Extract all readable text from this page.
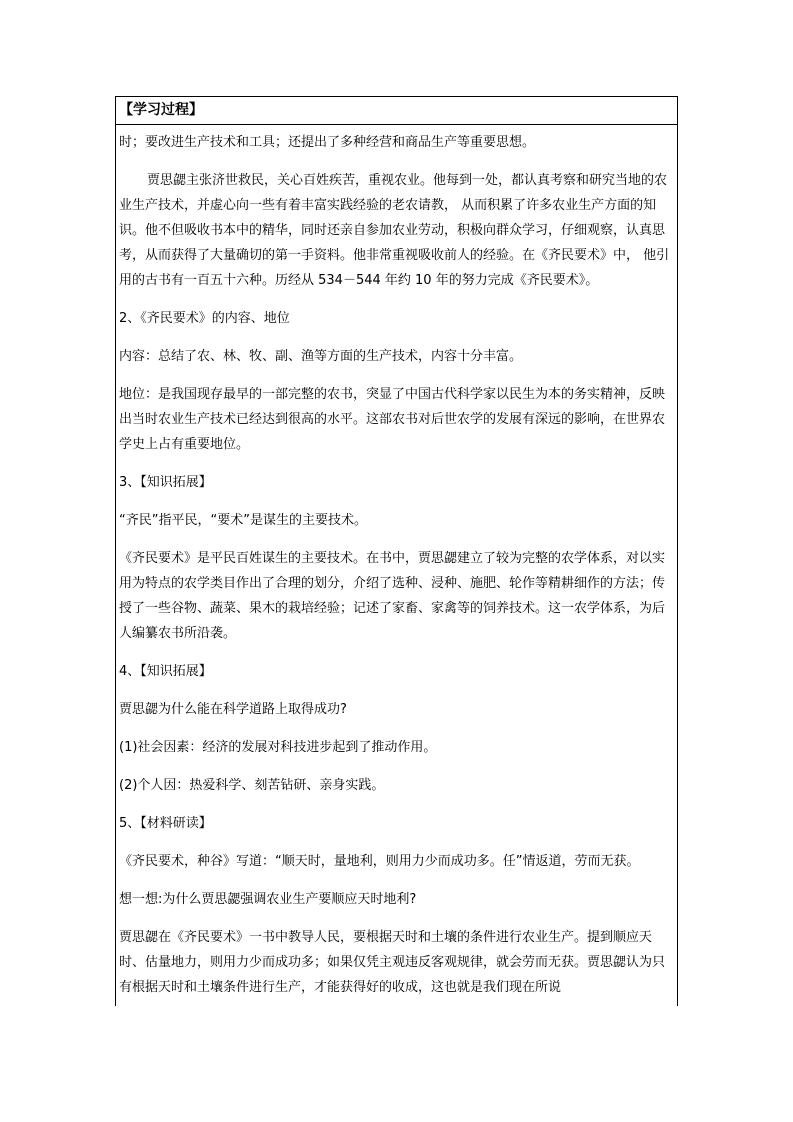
【学习过程】

时；要改进生产技术和工具；还提出了多种经营和商品生产等重要思想。

贾思勰主张济世救民，关心百姓疾苦，重视农业。他每到一处，都认真考察和研究当地的农业生产技术，并虚心向一些有着丰富实践经验的老农请教， 从而积累了许多农业生产方面的知识。他不但吸收书本中的精华，同时还亲自参加农业劳动，积极向群众学习，仔细观察，认真思考，从而获得了大量确切的第一手资料。他非常重视吸收前人的经验。在《齐民要术》中， 他引用的古书有一百五十六种。历经从 534－544 年约 10 年的努力完成《齐民要术》。

2、《齐民要术》的内容、地位

内容：总结了农、林、牧、副、渔等方面的生产技术，内容十分丰富。

地位：是我国现存最早的一部完整的农书，突显了中国古代科学家以民生为本的务实精神，反映出当时农业生产技术已经达到很高的水平。这部农书对后世农学的发展有深远的影响，在世界农学史上占有重要地位。

3、【知识拓展】

“齐民”指平民，“要术”是谋生的主要技术。

《齐民要术》是平民百姓谋生的主要技术。在书中，贾思勰建立了较为完整的农学体系，对以实用为特点的农学类目作出了合理的划分，介绍了选种、浸种、施肥、轮作等精耕细作的方法；传授了一些谷物、蔬菜、果木的栽培经验；记述了家畜、家禽等的饲养技术。这一农学体系，为后人编纂农书所沿袭。

4、【知识拓展】

贾思勰为什么能在科学道路上取得成功?

(1)社会因素：经济的发展对科技进步起到了推动作用。

(2)个人因：热爱科学、刻苦钻研、亲身实践。

5、【材料研读】

《齐民要术，种谷》写道：“顺天时，量地利，则用力少而成功多。任”情返道，劳而无获。

想一想:为什么贾思勰强调农业生产要顺应天时地利?

贾思勰在《齐民要术》一书中教导人民，要根据天时和土壤的条件进行农业生产。提到顺应天时、估量地力，则用力少而成功多；如果仅凭主观违反客观规律，就会劳而无获。贾思勰认为只有根据天时和土壤条件进行生产，才能获得好的收成，这也就是我们现在所说
